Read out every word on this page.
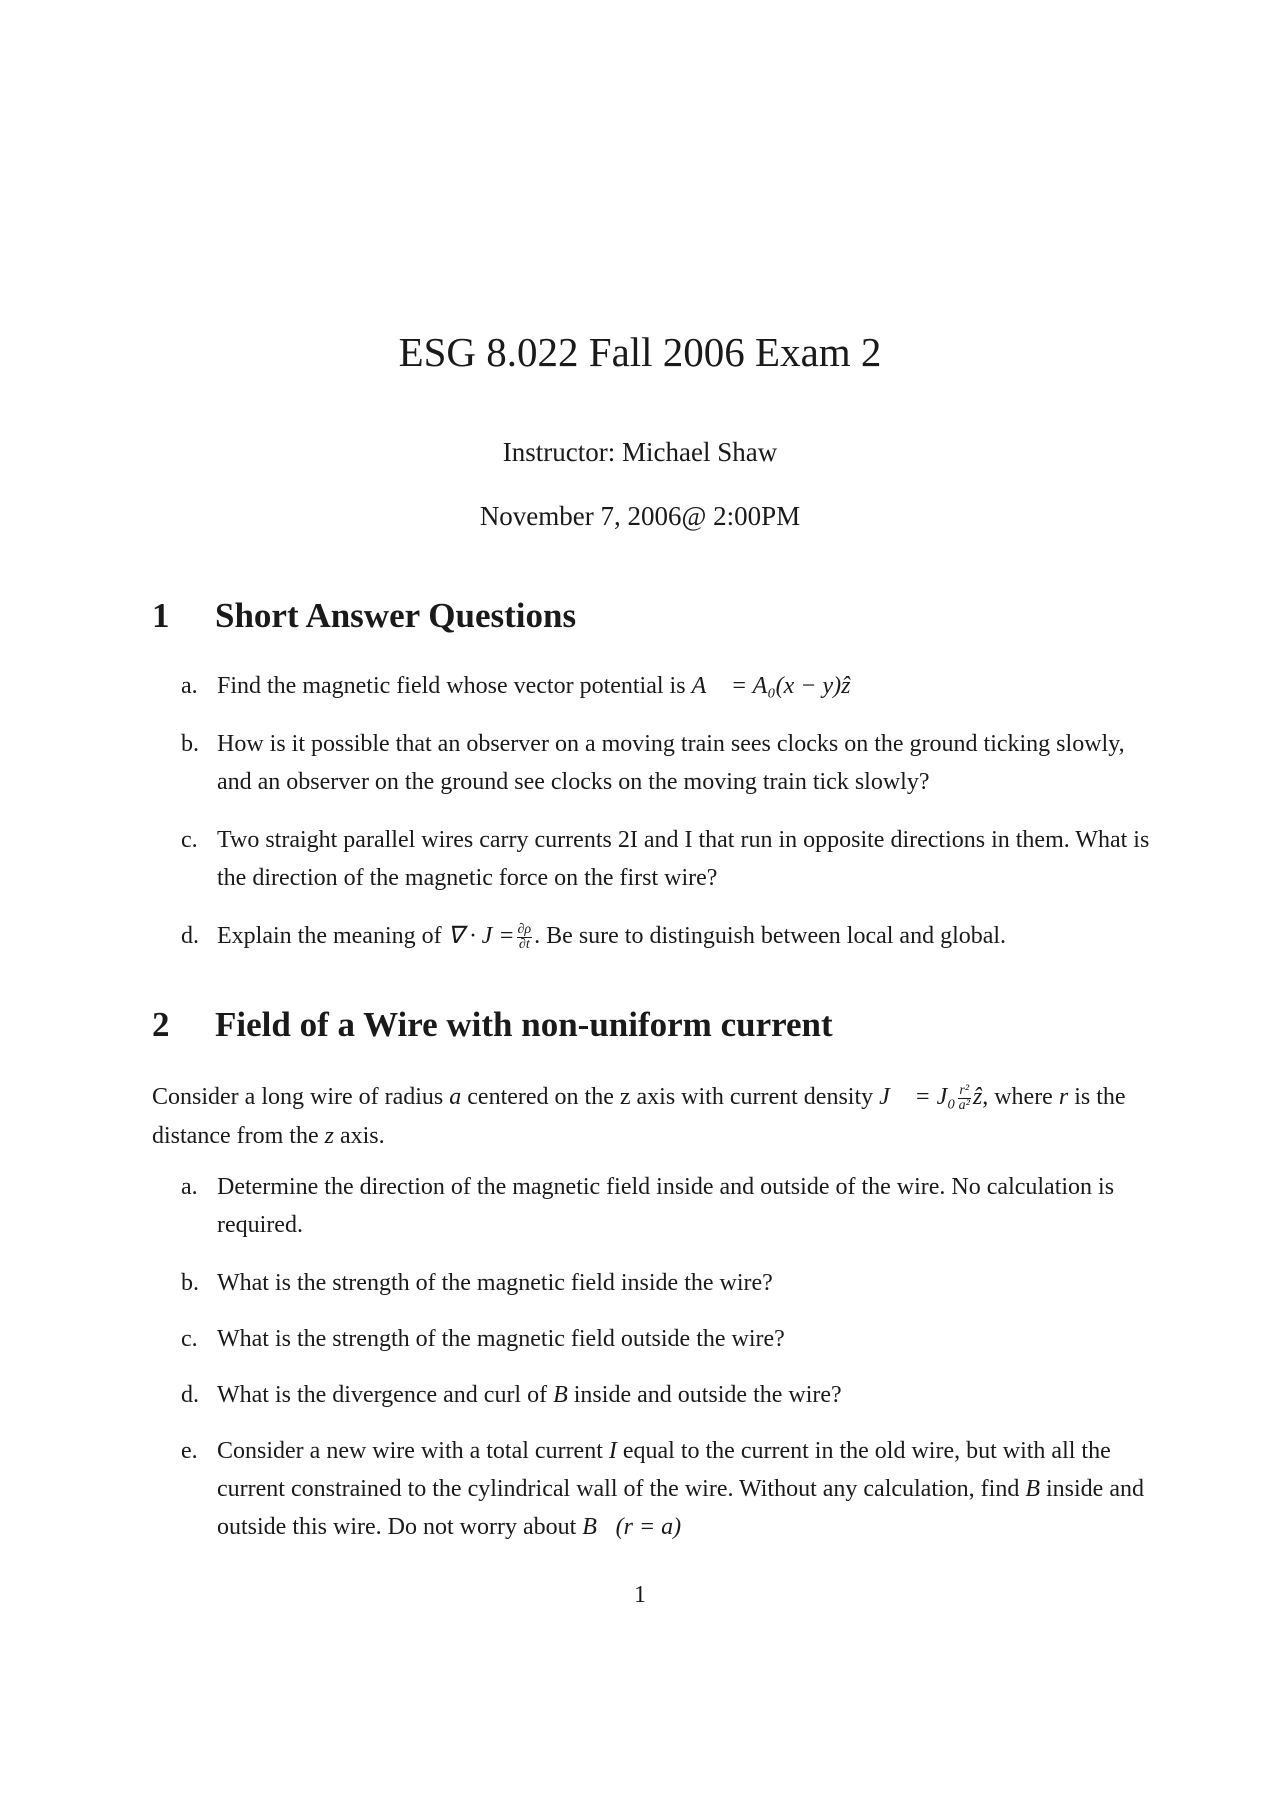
ESG 8.022 Fall 2006 Exam 2
Instructor: Michael Shaw
November 7, 2006@ 2:00PM
1 Short Answer Questions
a. Find the magnetic field whose vector potential is A⃗ = A₀(x − y)ẑ
b. How is it possible that an observer on a moving train sees clocks on the ground ticking slowly, and an observer on the ground see clocks on the moving train tick slowly?
c. Two straight parallel wires carry currents 2I and I that run in opposite directions in them. What is the direction of the magnetic force on the first wire?
d. Explain the meaning of ∇ · $J = \frac{\partial\rho}{\partial t}$ . Be sure to distinguish between local and global.
2 Field of a Wire with non-uniform current
Consider a long wire of radius a centered on the z axis with current density J⃗ = $J_0 \frac{\text{r²}}{\text{a²}}$ ẑ, where r is the distance from the z axis.
a. Determine the direction of the magnetic field inside and outside of the wire. No calculation is required.
b. What is the strength of the magnetic field inside the wire?
c. What is the strength of the magnetic field outside the wire?
d. What is the divergence and curl of B inside and outside the wire?
e. Consider a new wire with a total current I equal to the current in the old wire, but with all the current constrained to the cylindrical wall of the wire. Without any calculation, find B inside and outside this wire. Do not worry about B⃗(r = a)
1
